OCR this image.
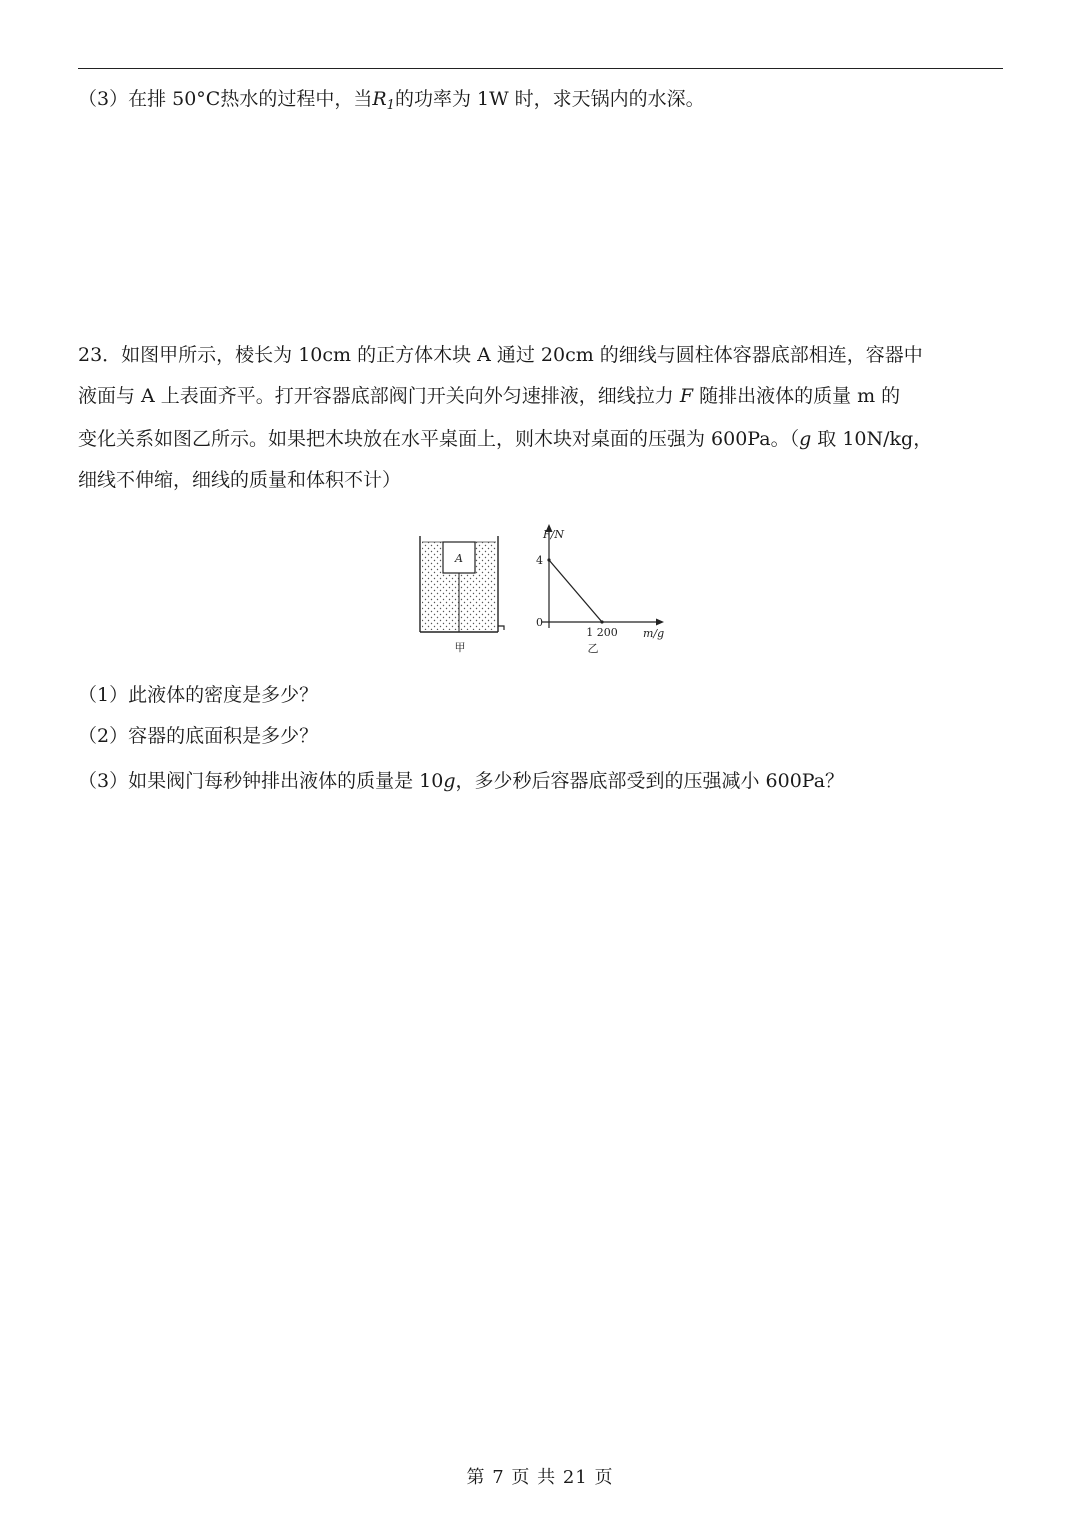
（3）在排 50°C热水的过程中，当$R_1$的功率为 1W 时，求天锅内的水深。
23．如图甲所示，棱长为 10cm 的正方体木块 A 通过 20cm 的细线与圆柱体容器底部相连，容器中
液面与 A 上表面齐平。打开容器底部阀门开关向外匀速排液，细线拉力 F 随排出液体的质量 m 的
变化关系如图乙所示。如果把木块放在水平桌面上，则木块对桌面的压强为 600Pa。（g 取 10N/kg，
细线不伸缩，细线的质量和体积不计）
A
甲
F/N
4
0
1 200 m/g
乙
（1）此液体的密度是多少？
（2）容器的底面积是多少？
（3）如果阀门每秒钟排出液体的质量是 10g，多少秒后容器底部受到的压强减小 600Pa？
第 7 页 共 21 页
